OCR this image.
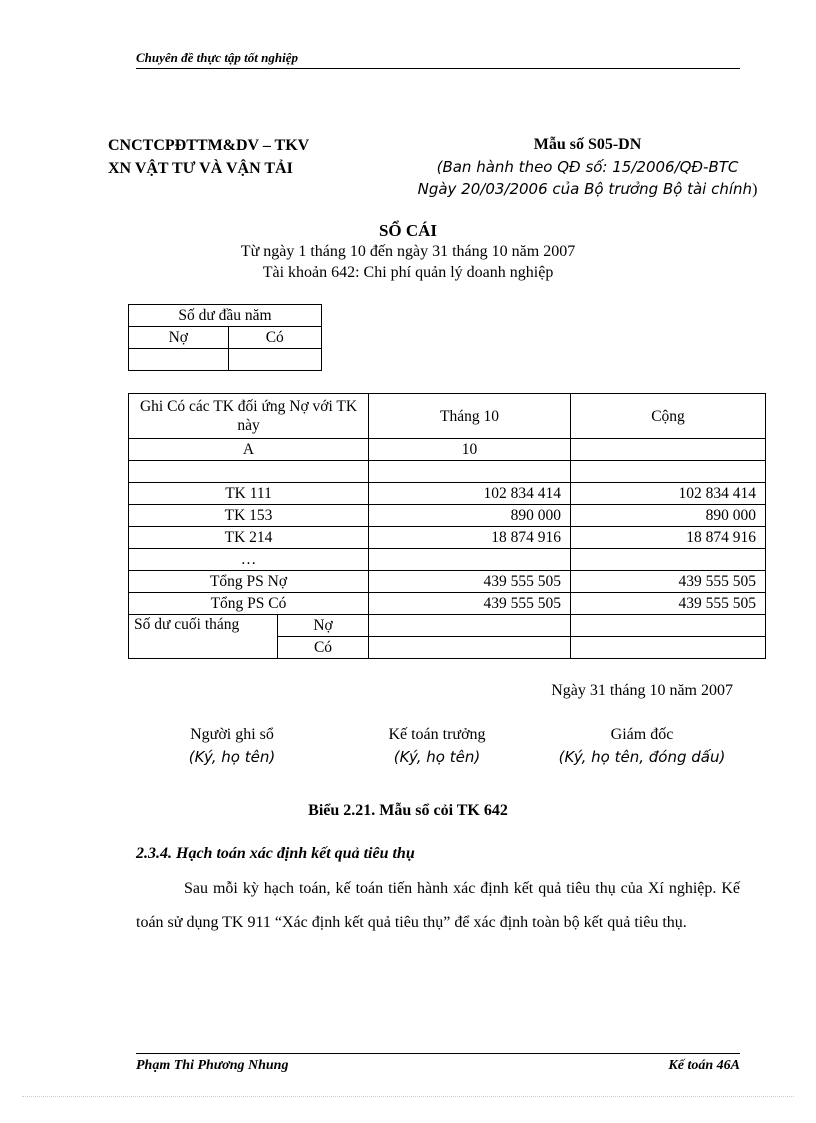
Chuyên đề thực tập tốt nghiệp
CNCTCPĐTTM&DV – TKV
XN VẬT TƯ VÀ VẬN TẢI
Mẫu số S05-DN
(Ban hành theo QĐ số: 15/2006/QĐ-BTC
Ngày 20/03/2006 của Bộ trưởng Bộ tài chính)
SỔ CÁI
Từ ngày 1 tháng 10 đến ngày 31 tháng 10 năm 2007
Tài khoản 642: Chi phí quản lý doanh nghiệp
Số dư đầu năm	
Nợ	Có

Ghi Có các TK đối ứng Nợ với TK này		Tháng 10	Cộng
A		10	

TK 111		102 834 414	102 834 414
TK 153		890 000	890 000
TK 214		18 874 916	18 874 916
…			
Tổng PS Nợ		439 555 505	439 555 505
Tổng PS Có		439 555 505	439 555 505
Số dư cuối tháng	Nợ		
	Có		
Ngày 31 tháng 10 năm 2007
Người ghi sổ
(Ký, họ tên)
Kế toán trưởng
(Ký, họ tên)
Giám đốc
(Ký, họ tên, đóng dấu)
Biểu 2.21. Mẫu sổ cỏi TK 642
2.3.4. Hạch toán xác định kết quả tiêu thụ
Sau mỗi kỳ hạch toán, kế toán tiến hành xác định kết quả tiêu thụ của Xí nghiệp. Kế toán sử dụng TK 911 “Xác định kết quả tiêu thụ” để xác định toàn bộ kết quả tiêu thụ.
Phạm Thi Phương Nhung	Kế toán 46A
